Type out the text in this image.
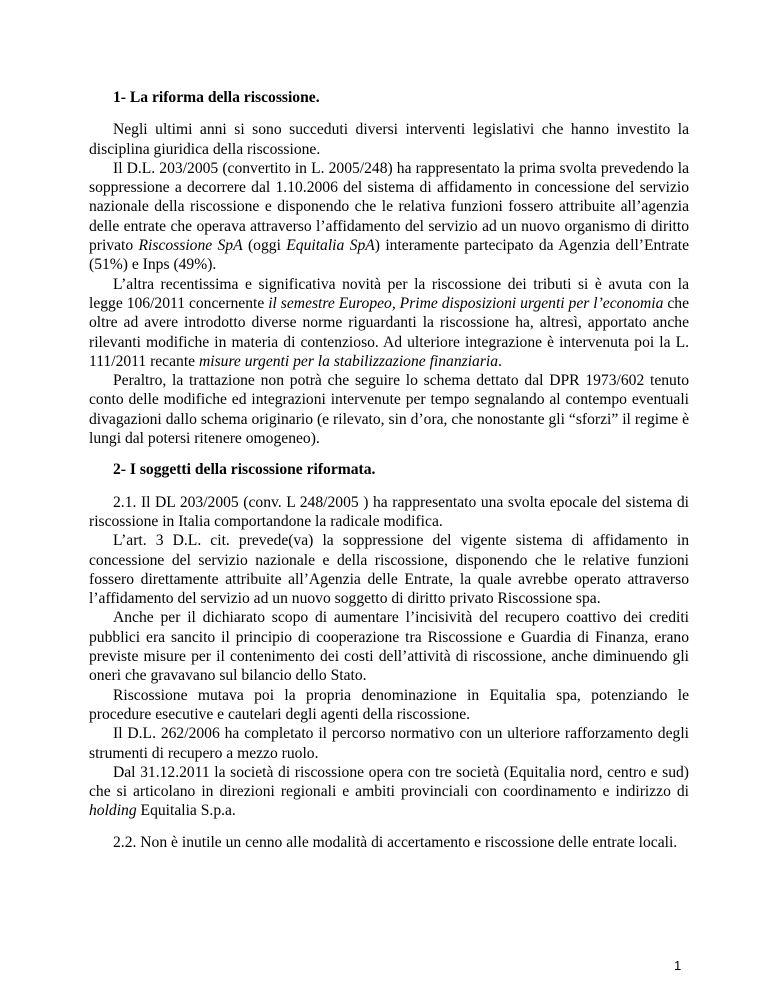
1- La riforma della riscossione.

Negli ultimi anni si sono succeduti diversi interventi legislativi che hanno investito la disciplina giuridica della riscossione.

Il D.L. 203/2005 (convertito in L. 2005/248) ha rappresentato la prima svolta prevedendo la soppressione a decorrere dal 1.10.2006 del sistema di affidamento in concessione del servizio nazionale della riscossione e disponendo che le relativa funzioni fossero attribuite all’agenzia delle entrate che operava attraverso l’affidamento del servizio ad un nuovo organismo di diritto privato Riscossione SpA (oggi Equitalia SpA) interamente partecipato da Agenzia dell’Entrate (51%) e Inps (49%).

L’altra recentissima e significativa novità per la riscossione dei tributi si è avuta con la legge 106/2011 concernente il semestre Europeo, Prime disposizioni urgenti per l’economia che oltre ad avere introdotto diverse norme riguardanti la riscossione ha, altresì, apportato anche rilevanti modifiche in materia di contenzioso. Ad ulteriore integrazione è intervenuta poi la L. 111/2011 recante misure urgenti per la stabilizzazione finanziaria.

Peraltro, la trattazione non potrà che seguire lo schema dettato dal DPR 1973/602 tenuto conto delle modifiche ed integrazioni intervenute per tempo segnalando al contempo eventuali divagazioni dallo schema originario (e rilevato, sin d’ora, che nonostante gli “sforzi” il regime è lungi dal potersi ritenere omogeneo).

2- I soggetti della riscossione riformata.

2.1. Il DL 203/2005 (conv. L 248/2005 ) ha rappresentato una svolta epocale del sistema di riscossione in Italia comportandone la radicale modifica.

L’art. 3 D.L. cit. prevede(va) la soppressione del vigente sistema di affidamento in concessione del servizio nazionale e della riscossione, disponendo che le relative funzioni fossero direttamente attribuite all’Agenzia delle Entrate, la quale avrebbe operato attraverso l’affidamento del servizio ad un nuovo soggetto di diritto privato Riscossione spa.

Anche per il dichiarato scopo di aumentare l’incisività del recupero coattivo dei crediti pubblici era sancito il principio di cooperazione tra Riscossione e Guardia di Finanza, erano previste misure per il contenimento dei costi dell’attività di riscossione, anche diminuendo gli oneri che gravavano sul bilancio dello Stato.

Riscossione mutava poi la propria denominazione in Equitalia spa, potenziando le procedure esecutive e cautelari degli agenti della riscossione.

Il D.L. 262/2006 ha completato il percorso normativo con un ulteriore rafforzamento degli strumenti di recupero a mezzo ruolo.

Dal 31.12.2011 la società di riscossione opera con tre società (Equitalia nord, centro e sud) che si articolano in direzioni regionali e ambiti provinciali con coordinamento e indirizzo di holding Equitalia S.p.a.

2.2. Non è inutile un cenno alle modalità di accertamento e riscossione delle entrate locali.

1
